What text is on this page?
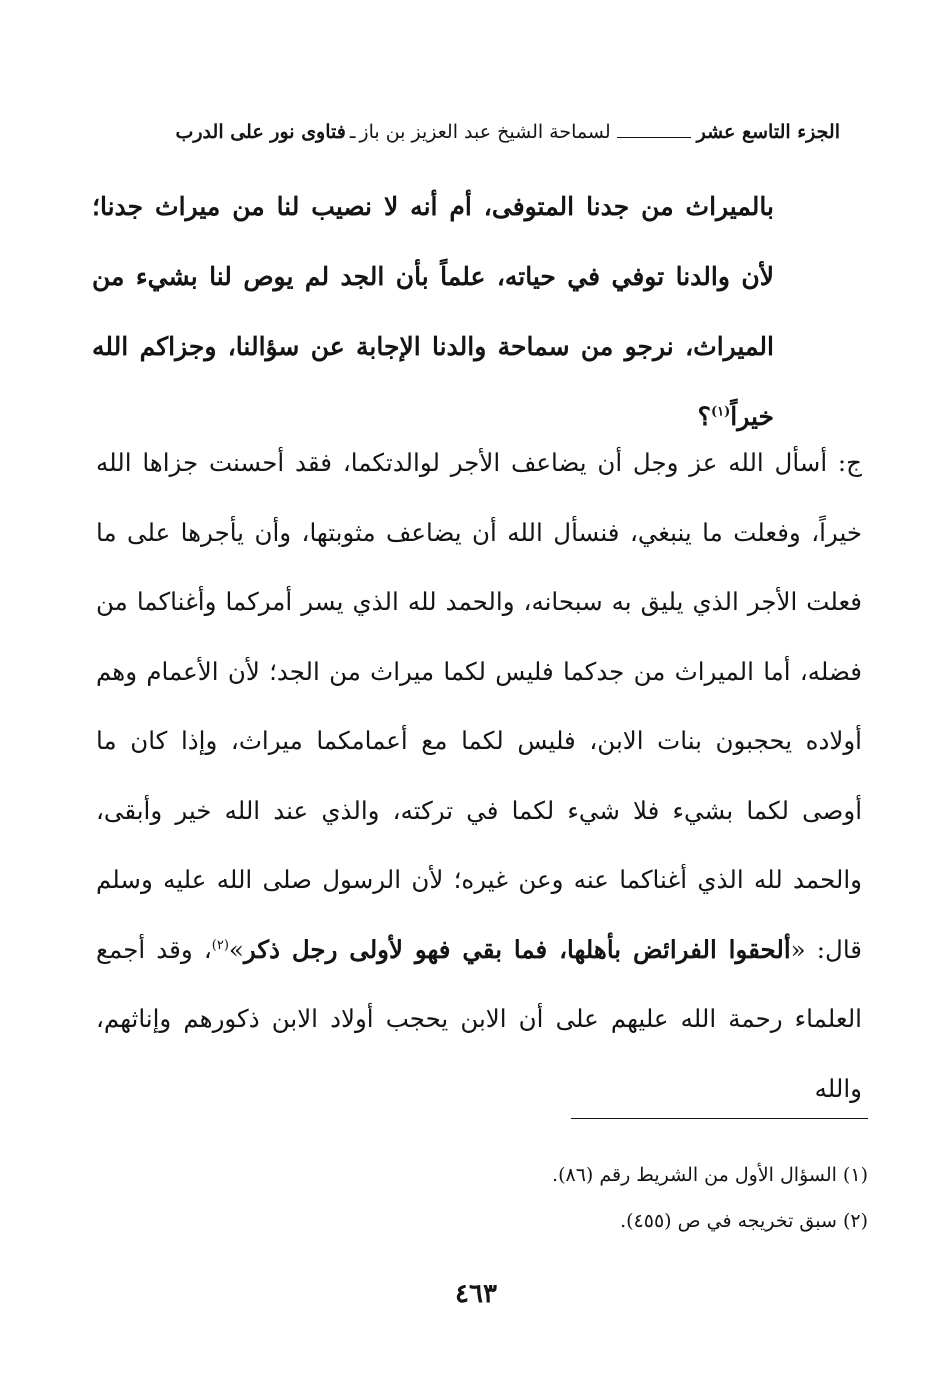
الجزء التاسع عشر
لسماحة الشيخ عبد العزيز بن باز
ـ
فتاوى نور على الدرب
بالميراث من جدنا المتوفى، أم أنه لا نصيب لنا من ميراث جدنا؛ لأن والدنا توفي في حياته، علماً بأن الجد لم يوص لنا بشيء من الميراث، نرجو من سماحة والدنا الإجابة عن سؤالنا، وجزاكم الله خيراً$^{(١)}$؟
ج: أسأل الله عز وجل أن يضاعف الأجر لوالدتكما، فقد أحسنت جزاها الله خيراً، وفعلت ما ينبغي، فنسأل الله أن يضاعف مثوبتها، وأن يأجرها على ما فعلت الأجر الذي يليق به سبحانه، والحمد لله الذي يسر أمركما وأغناكما من فضله، أما الميراث من جدكما فليس لكما ميراث من الجد؛ لأن الأعمام وهم أولاده يحجبون بنات الابن، فليس لكما مع أعمامكما ميراث، وإذا كان ما أوصى لكما بشيء فلا شيء لكما في تركته، والذي عند الله خير وأبقى، والحمد لله الذي أغناكما عنه وعن غيره؛ لأن الرسول صلى الله عليه وسلم قال: «ألحقوا الفرائض بأهلها، فما بقي فهو لأولى رجل ذكر»$^{(٢)}$، وقد أجمع العلماء رحمة الله عليهم على أن الابن يحجب أولاد الابن ذكورهم وإناثهم، والله
(١) السؤال الأول من الشريط رقم (٨٦).
(٢) سبق تخريجه في ص (٤٥٥).
٤٦٣
